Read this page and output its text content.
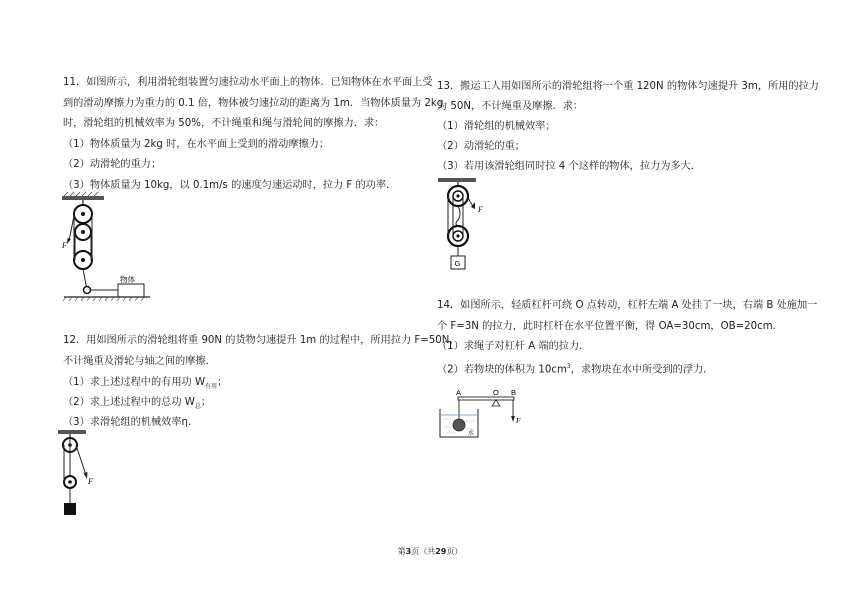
11．如图所示，利用滑轮组装置匀速拉动水平面上的物体．已知物体在水平面上受
到的滑动摩擦力为重力的 0.1 倍，物体被匀速拉动的距离为 1m．当物体质量为 2kg
时，滑轮组的机械效率为 50%，不计绳重和绳与滑轮间的摩擦力．求：
（1）物体质量为 2kg 时，在水平面上受到的滑动摩擦力；
（2）动滑轮的重力；
（3）物体质量为 10kg，以 0.1m/s 的速度匀速运动时，拉力 F 的功率.
12．用如图所示的滑轮组将重 90N 的货物匀速提升 1m 的过程中，所用拉力 F=50N，
不计绳重及滑轮与轴之间的摩擦．
（1）求上述过程中的有用功 $W_{有用}$；
（2）求上述过程中的总功 $W_总$；
（3）求滑轮组的机械效率η．
F
物体
F
13．搬运工人用如图所示的滑轮组将一个重 120N 的物体匀速提升 3m，所用的拉力
为 50N，不计绳重及摩擦．求：
（1）滑轮组的机械效率；
（2）动滑轮的重；
（3）若用该滑轮组同时拉 4 个这样的物体，拉力为多大．
14．如图所示，轻质杠杆可绕 O 点转动，杠杆左端 A 处挂了一块，右端 B 处施加一
个 F=3N 的拉力，此时杠杆在水平位置平衡，得 OA=30cm，OB=20cm．
（1）求绳子对杠杆 A 端的拉力．
（2）若物块的体积为 $10cm^3$，求物块在水中所受到的浮力．
F
G
A	O B
水
F
第3页（共29页）
